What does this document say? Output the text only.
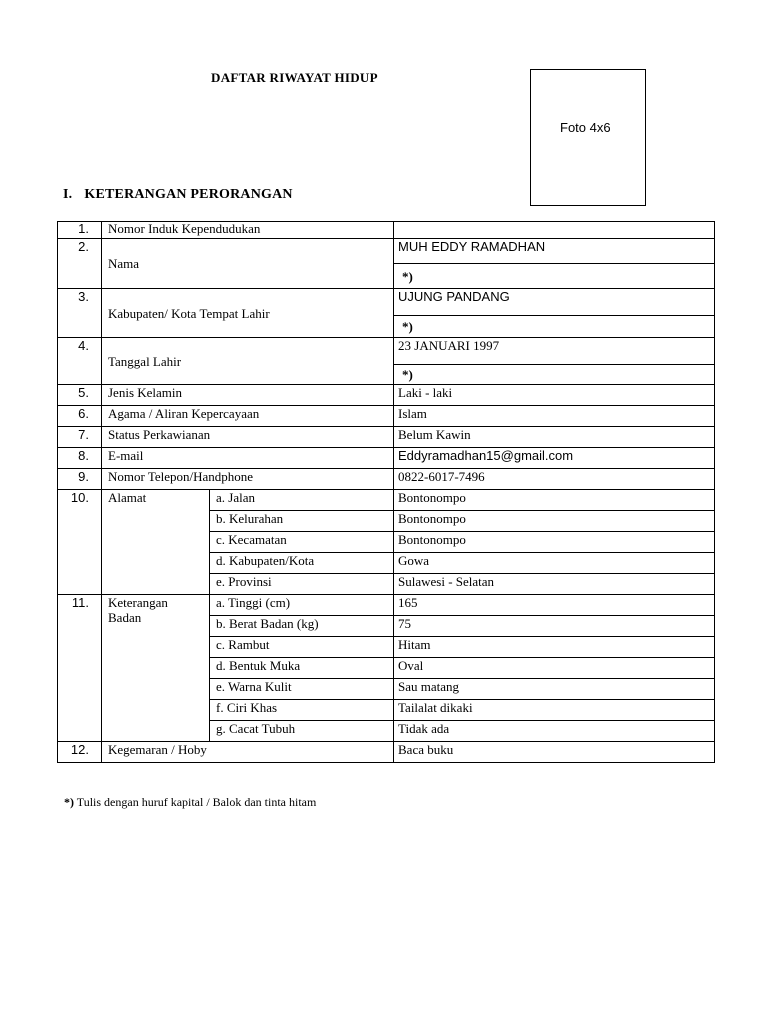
DAFTAR RIWAYAT HIDUP
Foto 4x6
I. KETERANGAN PERORANGAN
1.	Nomor Induk Kependudukan		
2.	Nama		MUH EDDY RAMADHAN
			*)
3.	Kabupaten/ Kota Tempat Lahir		UJUNG PANDANG
			*)
4.	Tanggal Lahir		23 JANUARI 1997
			*)
5.	Jenis Kelamin		Laki - laki
6.	Agama / Aliran Kepercayaan		Islam
7.	Status Perkawianan		Belum Kawin
8.	E-mail		Eddyramadhan15@gmail.com
9.	Nomor Telepon/Handphone		0822-6017-7496
10.	Alamat	a. Jalan	Bontonompo
		b. Kelurahan	Bontonompo
		c. Kecamatan	Bontonompo
		d. Kabupaten/Kota	Gowa
		e. Provinsi	Sulawesi - Selatan
11.	Keterangan
Badan	a. Tinggi (cm)	165
		b. Berat Badan (kg)	75
		c. Rambut	Hitam
		d. Bentuk Muka	Oval
		e. Warna Kulit	Sau matang
		f. Ciri Khas	Tailalat dikaki
		g. Cacat Tubuh	Tidak ada
12.	Kegemaran / Hoby		Baca buku
*) Tulis dengan huruf kapital / Balok dan tinta hitam
